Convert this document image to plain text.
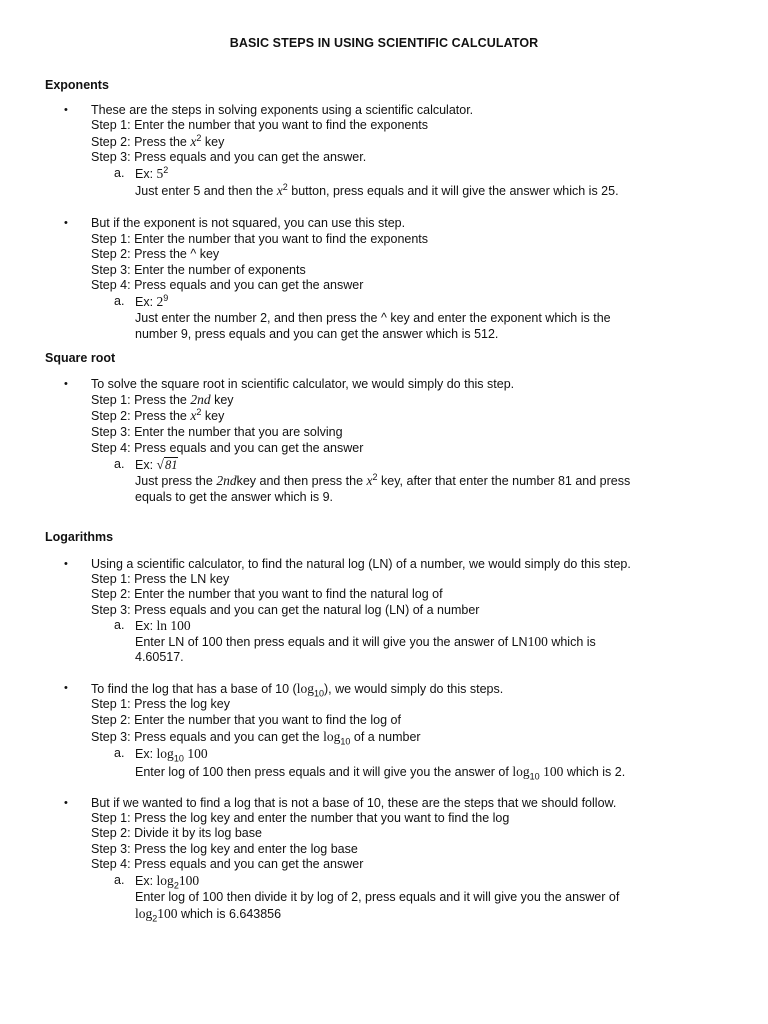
BASIC STEPS IN USING SCIENTIFIC CALCULATOR
Exponents
• These are the steps in solving exponents using a scientific calculator.
Step 1: Enter the number that you want to find the exponents
Step 2: Press the $x^2$ key
Step 3: Press equals and you can get the answer.
a. Ex: $5^2$
Just enter 5 and then the $x^2$ button, press equals and it will give the answer which is 25.
• But if the exponent is not squared, you can use this step.
Step 1: Enter the number that you want to find the exponents
Step 2: Press the ^ key
Step 3: Enter the number of exponents
Step 4: Press equals and you can get the answer
a. Ex: $2^9$
Just enter the number 2, and then press the ^ key and enter the exponent which is the
number 9, press equals and you can get the answer which is 512.
Square root
• To solve the square root in scientific calculator, we would simply do this step.
Step 1: Press the 2nd key
Step 2: Press the $x^2$ key
Step 3: Enter the number that you are solving
Step 4: Press equals and you can get the answer
a. Ex: √81
Just press the 2ndkey and then press the $x^2$ key, after that enter the number 81 and press
equals to get the answer which is 9.
Logarithms
• Using a scientific calculator, to find the natural log (LN) of a number, we would simply do this step.
Step 1: Press the LN key
Step 2: Enter the number that you want to find the natural log of
Step 3: Press equals and you can get the natural log (LN) of a number
a. Ex: ln 100
Enter LN of 100 then press equals and it will give you the answer of LN100 which is
4.60517.
• To find the log that has a base of 10 $(\log_{10})$, we would simply do this steps.
Step 1: Press the log key
Step 2: Enter the number that you want to find the log of
Step 3: Press equals and you can get the $\log_{10}$ of a number
a. Ex: $\log_{10} 100$
Enter log of 100 then press equals and it will give you the answer of $\log_{10} 100$ which is 2.
• But if we wanted to find a log that is not a base of 10, these are the steps that we should follow.
Step 1: Press the log key and enter the number that you want to find the log
Step 2: Divide it by its log base
Step 3: Press the log key and enter the log base
Step 4: Press equals and you can get the answer
a. Ex: $\log_2100$
Enter log of 100 then divide it by log of 2, press equals and it will give you the answer of
$\log_2100$ which is 6.643856
